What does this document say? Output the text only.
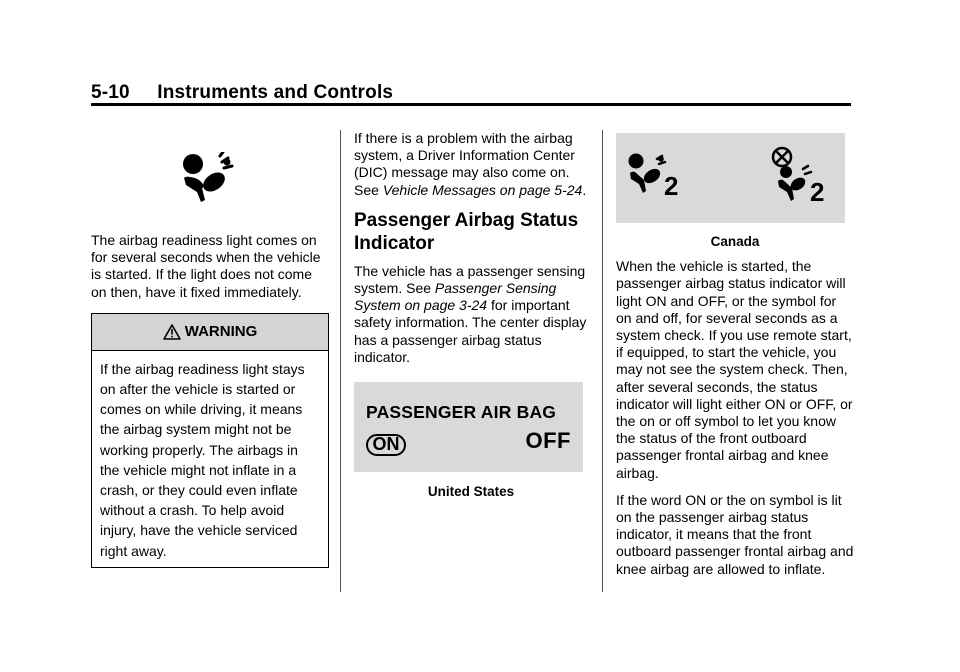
5-10     Instruments and Controls

The airbag readiness light comes on for several seconds when the vehicle is started. If the light does not come on then, have it fixed immediately.

WARNING
If the airbag readiness light stays on after the vehicle is started or comes on while driving, it means the airbag system might not be working properly. The airbags in the vehicle might not inflate in a crash, or they could even inflate without a crash. To help avoid injury, have the vehicle serviced right away.

If there is a problem with the airbag system, a Driver Information Center (DIC) message may also come on. See Vehicle Messages on page 5-24.

Passenger Airbag Status Indicator

The vehicle has a passenger sensing system. See Passenger Sensing System on page 3-24 for important safety information. The center display has a passenger airbag status indicator.

PASSENGER AIR BAG
ON	OFF
United States
2	2
Canada

When the vehicle is started, the passenger airbag status indicator will light ON and OFF, or the symbol for on and off, for several seconds as a system check. If you use remote start, if equipped, to start the vehicle, you may not see the system check. Then, after several seconds, the status indicator will light either ON or OFF, or the on or off symbol to let you know the status of the front outboard passenger frontal airbag and knee airbag.

If the word ON or the on symbol is lit on the passenger airbag status indicator, it means that the front outboard passenger frontal airbag and knee airbag are allowed to inflate.
